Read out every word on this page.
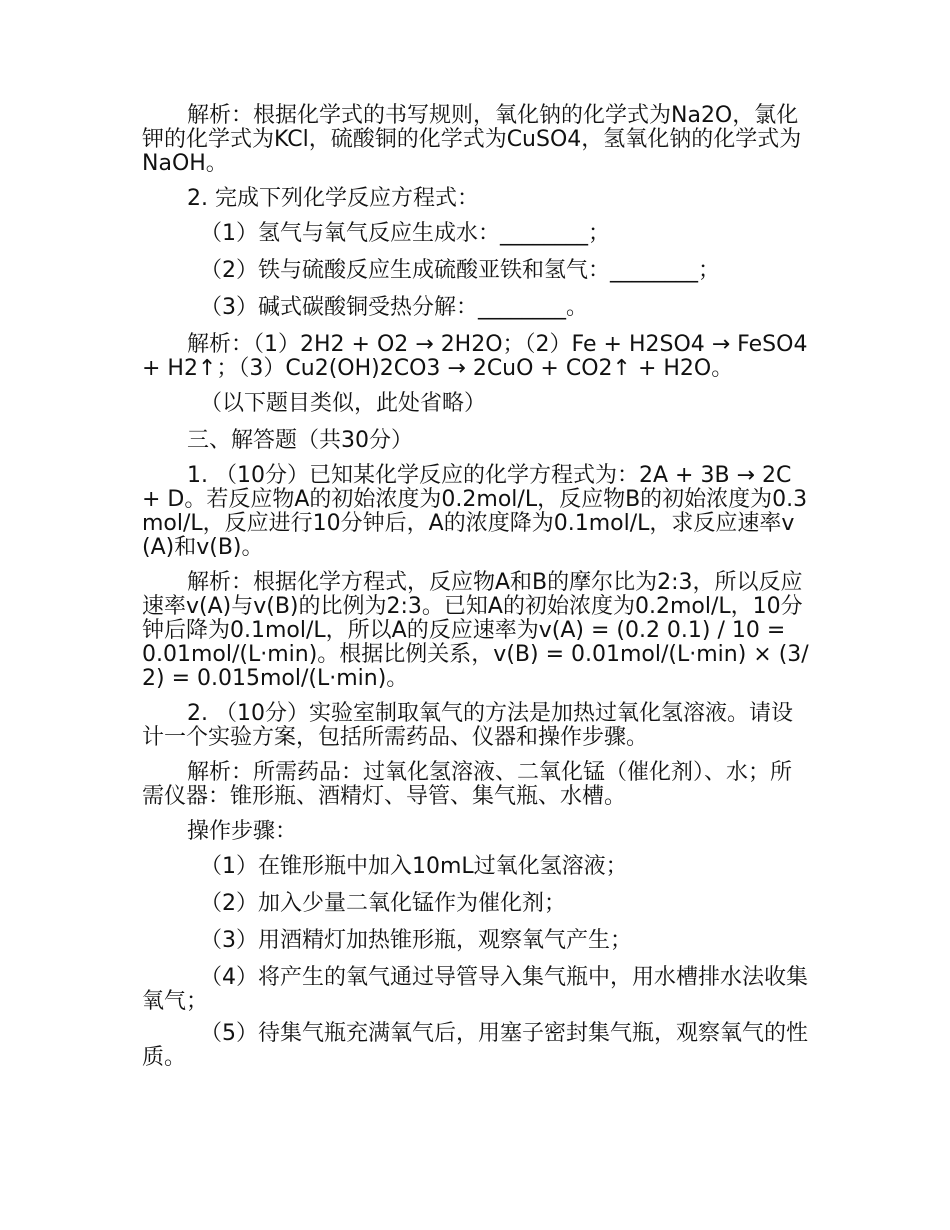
解析：根据化学式的书写规则，氧化钠的化学式为Na2O，氯化钾的化学式为KCl，硫酸铜的化学式为CuSO4，氢氧化钠的化学式为NaOH。

2. 完成下列化学反应方程式：

（1）氢气与氧气反应生成水：________；

（2）铁与硫酸反应生成硫酸亚铁和氢气：________；

（3）碱式碳酸铜受热分解：________。

解析：（1）2H2 + O2 → 2H2O；（2）Fe + H2SO4 → FeSO4 + H2↑；（3）Cu2(OH)2CO3 → 2CuO + CO2↑ + H2O。

（以下题目类似，此处省略）

三、解答题（共30分）

1. （10分）已知某化学反应的化学方程式为：2A + 3B → 2C + D。若反应物A的初始浓度为0.2mol/L，反应物B的初始浓度为0.3mol/L，反应进行10分钟后，A的浓度降为0.1mol/L，求反应速率v(A)和v(B)。

解析：根据化学方程式，反应物A和B的摩尔比为2:3，所以反应速率v(A)与v(B)的比例为2:3。已知A的初始浓度为0.2mol/L，10分钟后降为0.1mol/L，所以A的反应速率为v(A) = (0.2 0.1) / 10 = 0.01mol/(L·min)。根据比例关系，v(B) = 0.01mol/(L·min) × (3/2) = 0.015mol/(L·min)。

2. （10分）实验室制取氧气的方法是加热过氧化氢溶液。请设计一个实验方案，包括所需药品、仪器和操作步骤。

解析：所需药品：过氧化氢溶液、二氧化锰（催化剂）、水；所需仪器：锥形瓶、酒精灯、导管、集气瓶、水槽。

操作步骤：

（1）在锥形瓶中加入10mL过氧化氢溶液；

（2）加入少量二氧化锰作为催化剂；

（3）用酒精灯加热锥形瓶，观察氧气产生；

（4）将产生的氧气通过导管导入集气瓶中，用水槽排水法收集氧气；

（5）待集气瓶充满氧气后，用塞子密封集气瓶，观察氧气的性质。
